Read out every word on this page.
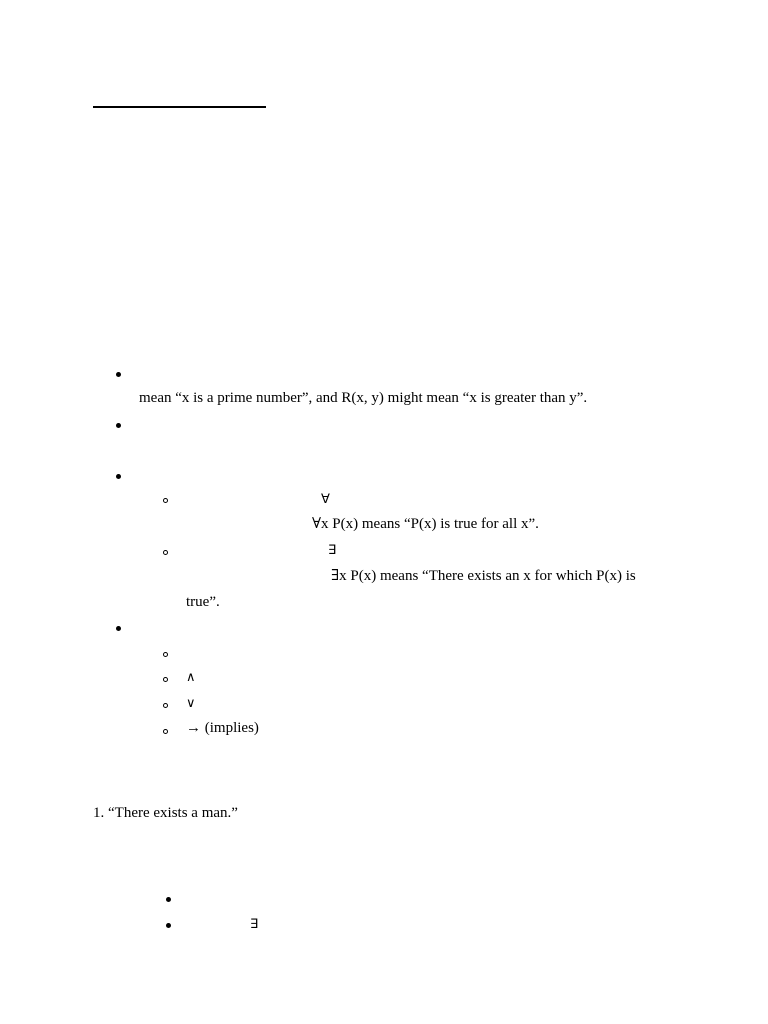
mean “x is a prime number”, and R(x, y) might mean “x is greater than y”.
∀
∀x P(x) means “P(x) is true for all x”.
∃
∃x P(x) means “There exists an x for which P(x) is
true”.
∧
∨
→ (implies)
1. “There exists a man.”
∃
